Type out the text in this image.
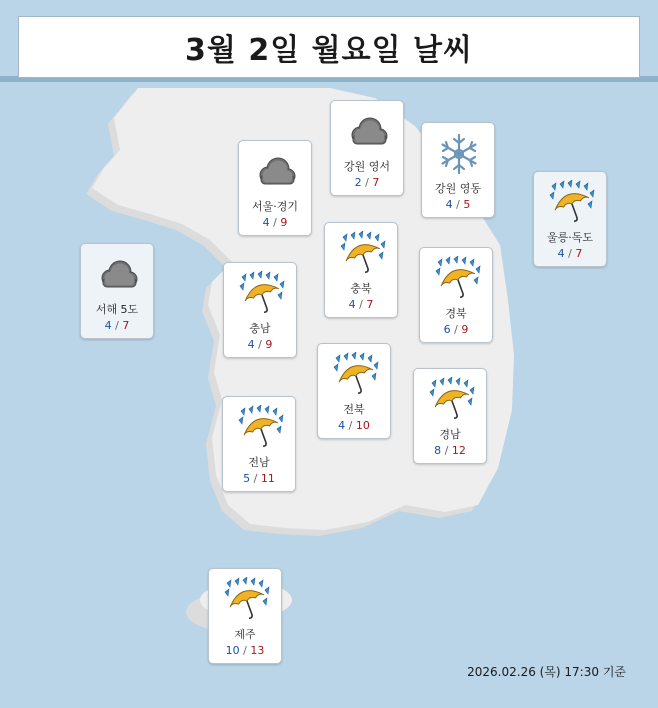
3월 2일 월요일 날씨
서울·경기
4 / 9
강원 영서
2 / 7	강원 영동
4 / 5
울릉·독도
4 / 7
서해 5도
4 / 7
충북
4 / 7
충남
4 / 9
경북
6 / 9
전북
4 / 10
경남
8 / 12
전남
5 / 11
제주
10 / 13
2026.02.26 (목) 17:30 기준
